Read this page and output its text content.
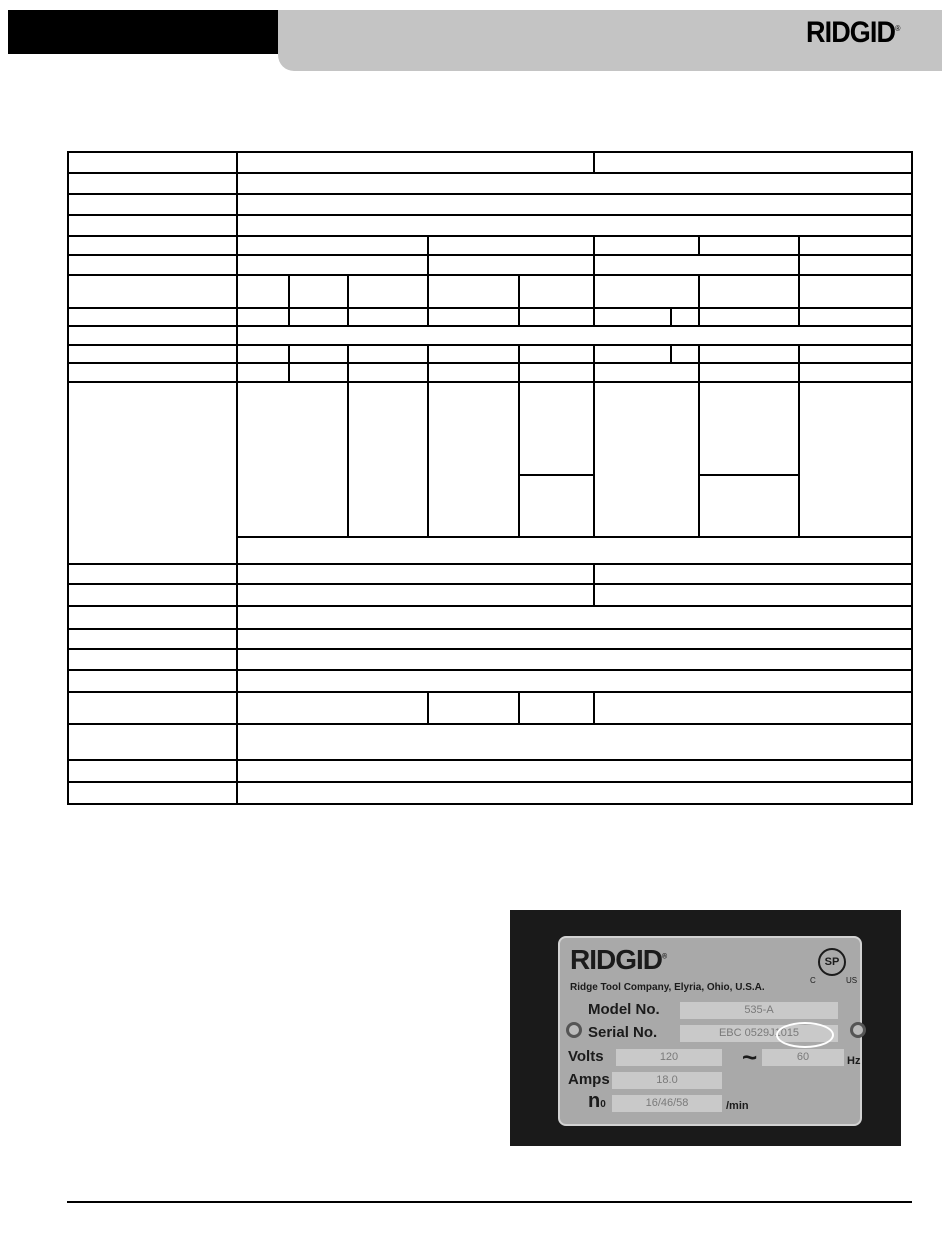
RIDGID®

RIDGID®
Ridge Tool Company, Elyria, Ohio, U.S.A.
SP
C	US
Model No.	535-A
Serial No.	EBC 0529J1015
Volts	120	~	60	Hz
Amps	18.0
n0	16/46/58	/min
